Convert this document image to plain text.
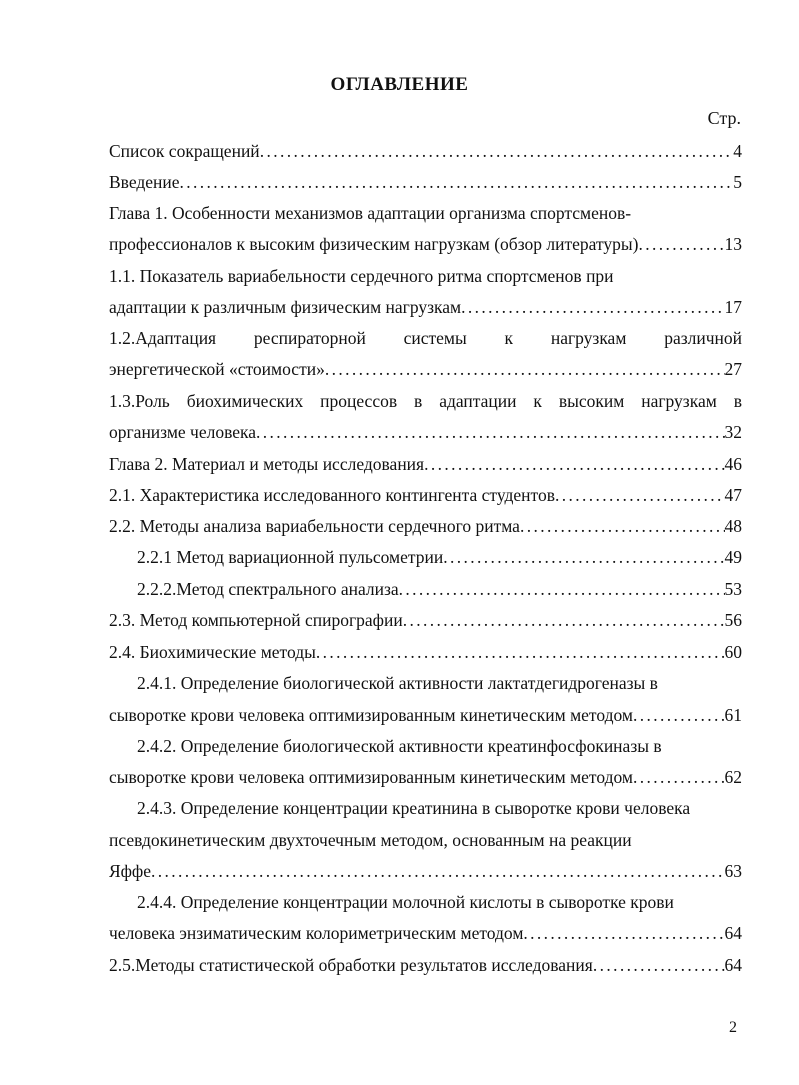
ОГЛАВЛЕНИЕ
Стр.
Список сокращений . . .	4
Введение . . .	5
Глава 1. Особенности механизмов адаптации организма спортсменов-
профессионалов к высоким физическим нагрузкам (обзор литературы) . . .	13
1.1. Показатель вариабельности сердечного ритма спортсменов при
адаптации к различным физическим нагрузкам . . .	17
1.2.Адаптация респираторной системы к нагрузкам различной
энергетической «стоимости» . . .	27
1.3.Роль биохимических процессов в адаптации к высоким нагрузкам в
организме человека . . .	32
Глава 2. Материал и методы исследования . . .	46
2.1. Характеристика исследованного контингента студентов . . .	47
2.2. Методы анализа вариабельности сердечного ритма . . .	48
2.2.1 Метод вариационной пульсометрии . . .	49
2.2.2.Метод спектрального анализа . . .	53
2.3. Метод компьютерной спирографии . . .	56
2.4. Биохимические методы . . .	60
2.4.1. Определение биологической активности лактатдегидрогеназы в
сыворотке крови человека оптимизированным кинетическим методом . . .	61
2.4.2. Определение биологической активности креатинфосфокиназы в
сыворотке крови человека оптимизированным кинетическим методом . . .	62
2.4.3. Определение концентрации креатинина в сыворотке крови человека
псевдокинетическим двухточечным методом, основанным на реакции
Яффе . . .	63
2.4.4. Определение концентрации молочной кислоты в сыворотке крови
человека энзиматическим колориметрическим методом . . .	64
2.5.Методы статистической обработки результатов исследования . . .	64
2
